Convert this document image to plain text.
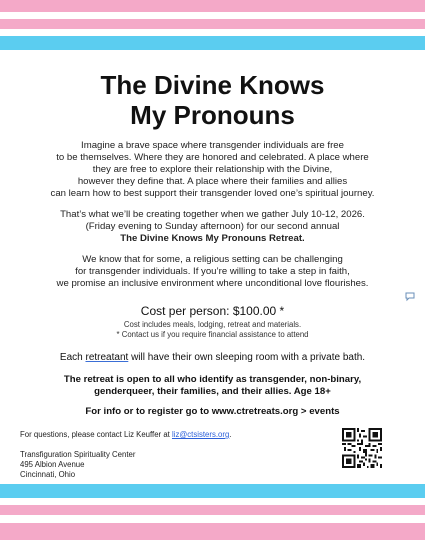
The Divine Knows
My Pronouns
Imagine a brave space where transgender individuals are free
to be themselves. Where they are honored and celebrated. A place where
they are free to explore their relationship with the Divine,
however they define that. A place where their families and allies
can learn how to best support their transgender loved one’s spiritual journey.
That’s what we’ll be creating together when we gather July 10-12, 2026.
(Friday evening to Sunday afternoon) for our second annual
The Divine Knows My Pronouns Retreat.
We know that for some, a religious setting can be challenging
for transgender individuals. If you’re willing to take a step in faith,
we promise an inclusive environment where unconditional love flourishes.
Cost per person: $100.00 *
Cost includes meals, lodging, retreat and materials.
* Contact us if you require financial assistance to attend
Each retreatant will have their own sleeping room with a private bath.
The retreat is open to all who identify as transgender, non-binary,
genderqueer, their families, and their allies. Age 18+
For info or to register go to www.ctretreats.org > events
For questions, please contact Liz Keuffer at liz@ctsisters.org.
Transfiguration Spirituality Center
495 Albion Avenue
Cincinnati, Ohio
